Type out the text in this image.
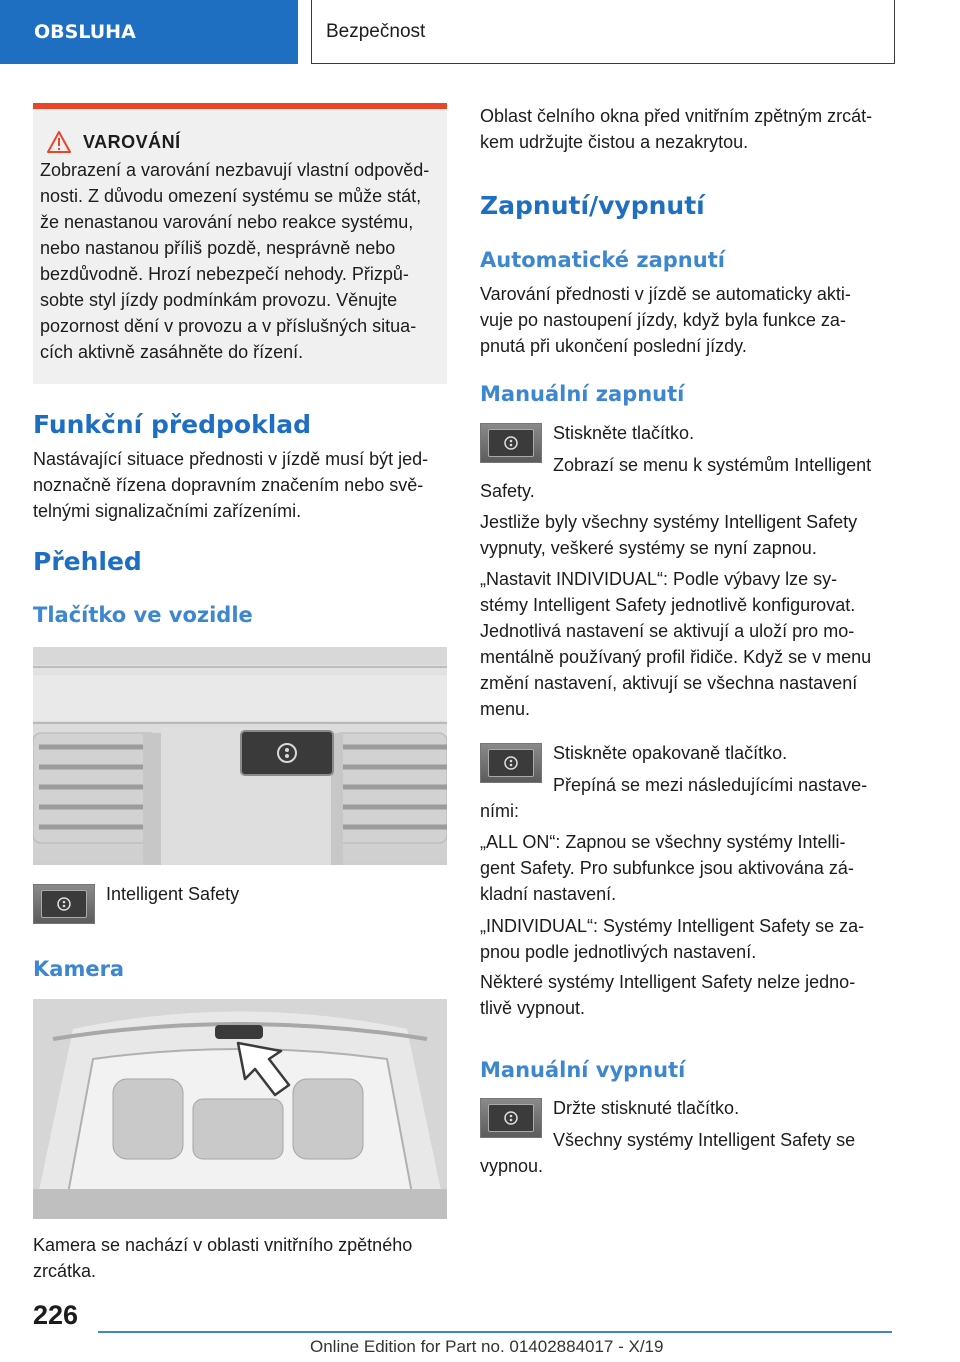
OBSLUHA	Bezpečnost
VAROVÁNÍ

Zobrazení a varování nezbavují vlastní odpověd-

nosti. Z důvodu omezení systému se může stát,

že nenastanou varování nebo reakce systému,

nebo nastanou příliš pozdě, nesprávně nebo

bezdůvodně. Hrozí nebezpečí nehody. Přizpů-

sobte styl jízdy podmínkám provozu. Věnujte

pozornost dění v provozu a v příslušných situa-

cích aktivně zasáhněte do řízení.

Funkční předpoklad

Nastávající situace přednosti v jízdě musí být jed-

noznačně řízena dopravním značením nebo svě-

telnými signalizačními zařízeními.

Přehled
Tlačítko ve vozidle

Intelligent Safety

Kamera

Kamera se nachází v oblasti vnitřního zpětného

zrcátka.

Oblast čelního okna před vnitřním zpětným zrcát-

kem udržujte čistou a nezakrytou.

Zapnutí/vypnutí
Automatické zapnutí

Varování přednosti v jízdě se automaticky akti-

vuje po nastoupení jízdy, když byla funkce za-

pnutá při ukončení poslední jízdy.

Manuální zapnutí

Stiskněte tlačítko.

Zobrazí se menu k systémům Intelligent

Safety.

Jestliže byly všechny systémy Intelligent Safety

vypnuty, veškeré systémy se nyní zapnou.

„Nastavit INDIVIDUAL“: Podle výbavy lze sy-

stémy Intelligent Safety jednotlivě konfigurovat.

Jednotlivá nastavení se aktivují a uloží pro mo-

mentálně používaný profil řidiče. Když se v menu

změní nastavení, aktivují se všechna nastavení

menu.

Stiskněte opakovaně tlačítko.

Přepíná se mezi následujícími nastave-

ními:

„ALL ON“: Zapnou se všechny systémy Intelli-

gent Safety. Pro subfunkce jsou aktivována zá-

kladní nastavení.

„INDIVIDUAL“: Systémy Intelligent Safety se za-

pnou podle jednotlivých nastavení.

Některé systémy Intelligent Safety nelze jedno-

tlivě vypnout.

Manuální vypnutí

Držte stisknuté tlačítko.

Všechny systémy Intelligent Safety se

vypnou.

226
Online Edition for Part no. 01402884017 - X/19
